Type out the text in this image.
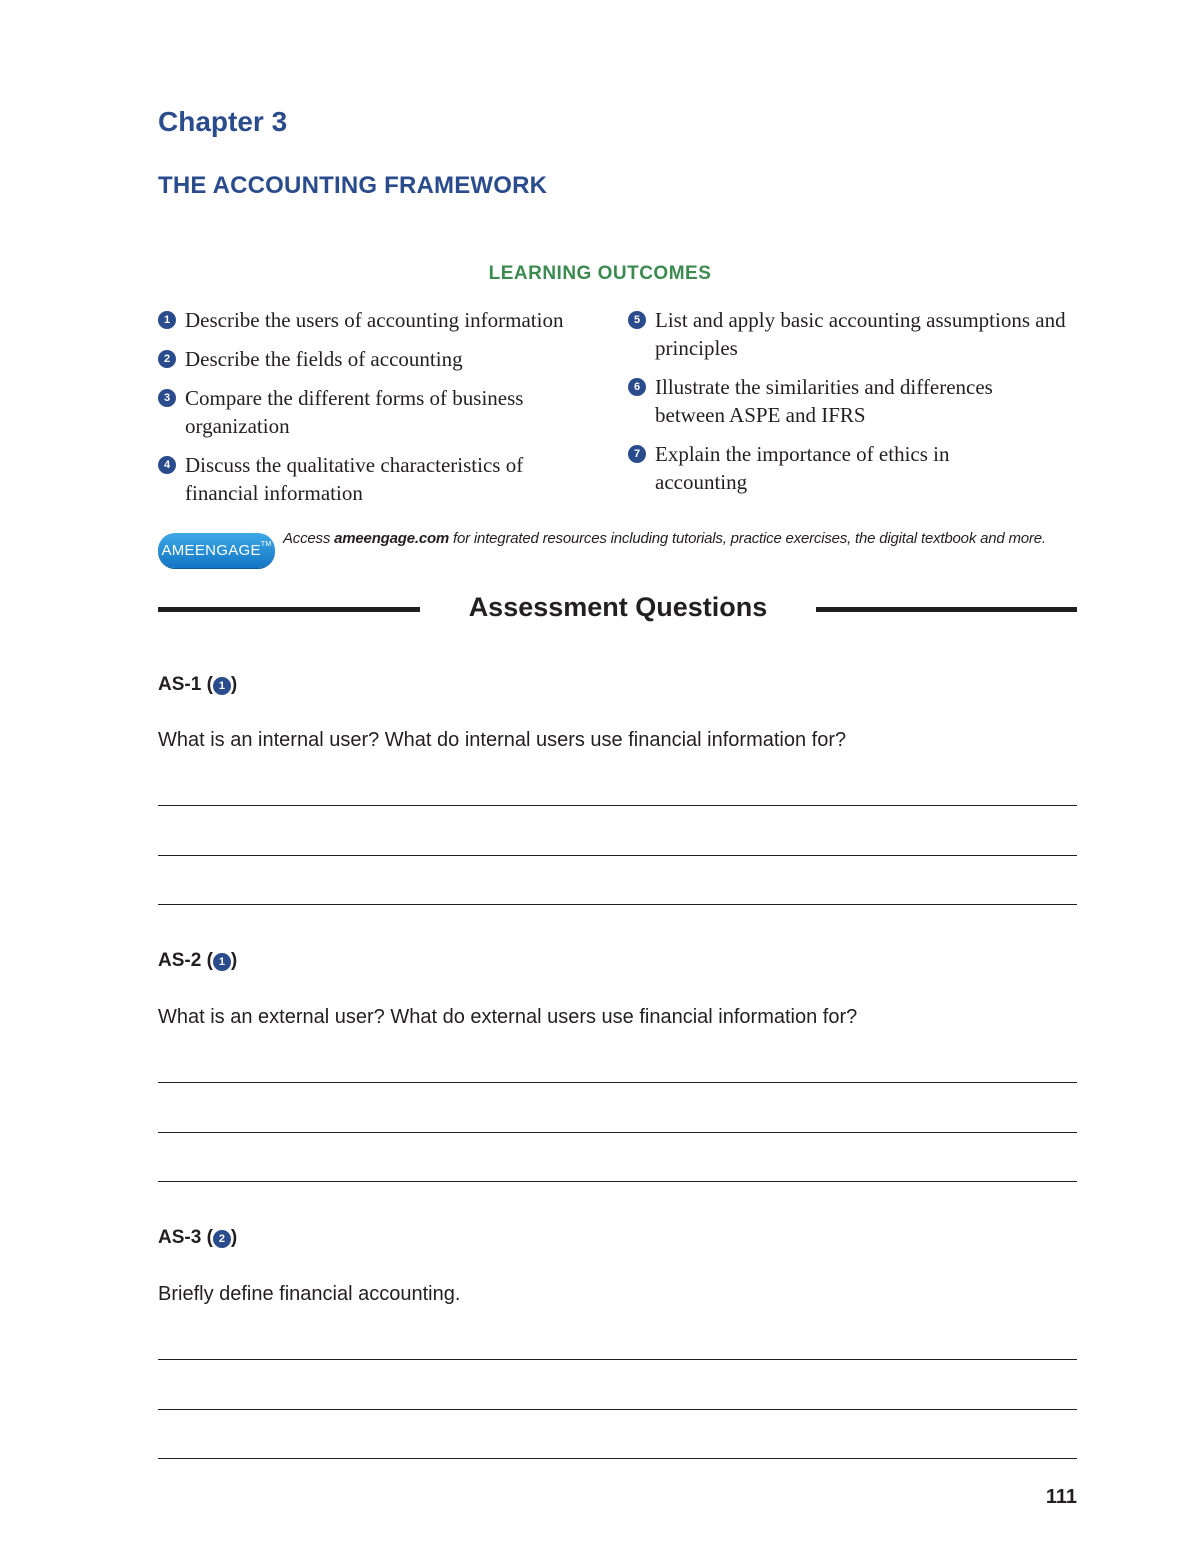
Chapter 3
THE ACCOUNTING FRAMEWORK
LEARNING OUTCOMES
1 Describe the users of accounting information
2 Describe the fields of accounting
3 Compare the different forms of business organization
4 Discuss the qualitative characteristics of financial information
5 List and apply basic accounting assumptions and principles
6 Illustrate the similarities and differences between ASPE and IFRS
7 Explain the importance of ethics in accounting
AMEENGAGE™ Access ameengage.com for integrated resources including tutorials, practice exercises, the digital textbook and more.
Assessment Questions
AS-1 ( 1 )
What is an internal user? What do internal users use financial information for?
AS-2 ( 1 )
What is an external user? What do external users use financial information for?
AS-3 ( 2 )
Briefly define financial accounting.
111
